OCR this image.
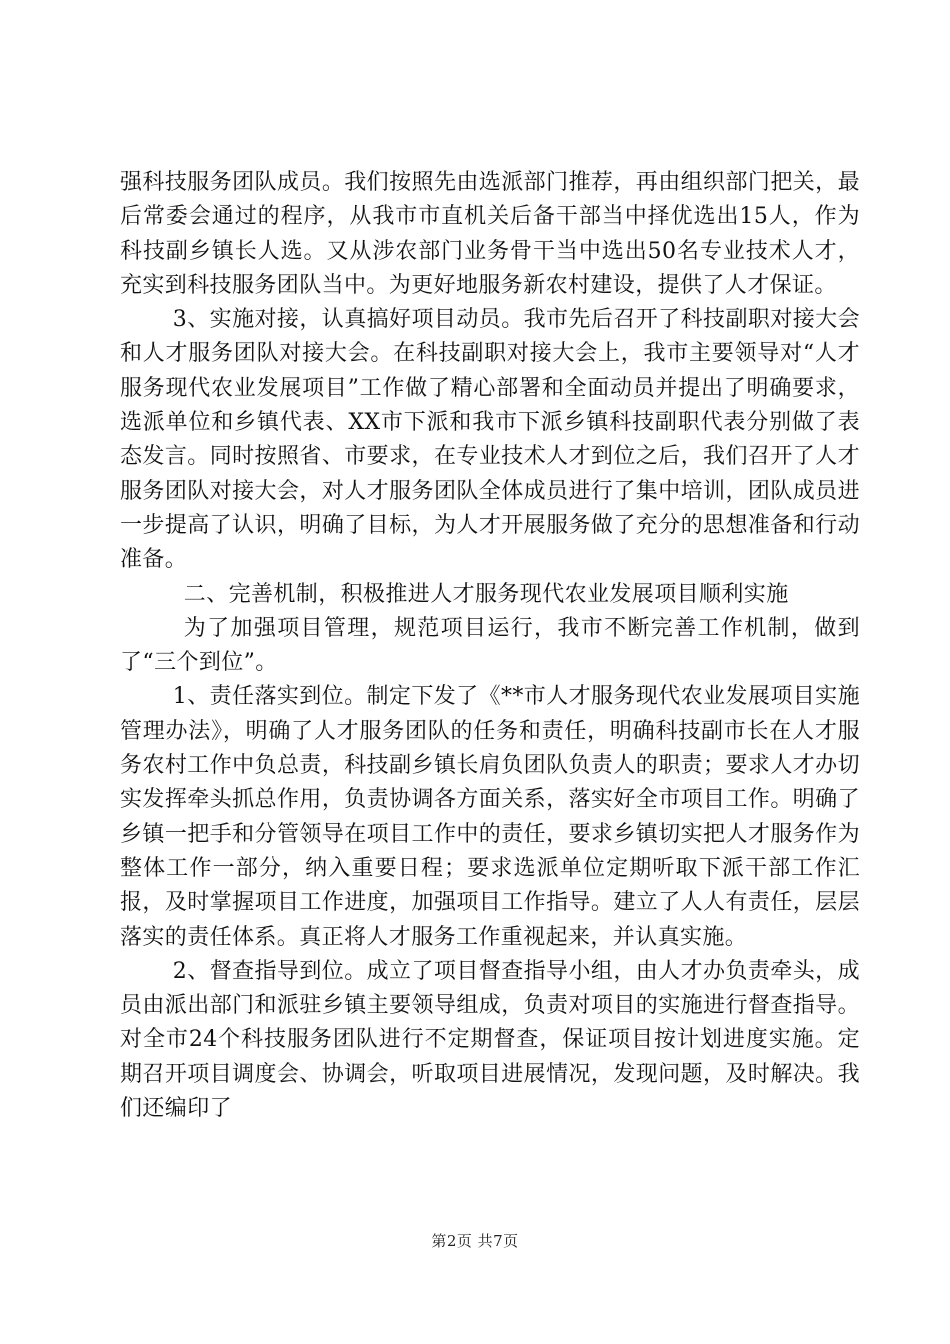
强科技服务团队成员。我们按照先由选派部门推荐，再由组织部门把关，最后常委会通过的程序，从我市市直机关后备干部当中择优选出15人，作为科技副乡镇长人选。又从涉农部门业务骨干当中选出50名专业技术人才，充实到科技服务团队当中。为更好地服务新农村建设，提供了人才保证。

3、实施对接，认真搞好项目动员。我市先后召开了科技副职对接大会和人才服务团队对接大会。在科技副职对接大会上，我市主要领导对“人才服务现代农业发展项目”工作做了精心部署和全面动员并提出了明确要求，选派单位和乡镇代表、XX市下派和我市下派乡镇科技副职代表分别做了表态发言。同时按照省、市要求，在专业技术人才到位之后，我们召开了人才服务团队对接大会，对人才服务团队全体成员进行了集中培训，团队成员进一步提高了认识，明确了目标，为人才开展服务做了充分的思想准备和行动准备。

二、完善机制，积极推进人才服务现代农业发展项目顺利实施

为了加强项目管理，规范项目运行，我市不断完善工作机制，做到了“三个到位”。

1、责任落实到位。制定下发了《**市人才服务现代农业发展项目实施管理办法》，明确了人才服务团队的任务和责任，明确科技副市长在人才服务农村工作中负总责，科技副乡镇长肩负团队负责人的职责；要求人才办切实发挥牵头抓总作用，负责协调各方面关系，落实好全市项目工作。明确了乡镇一把手和分管领导在项目工作中的责任，要求乡镇切实把人才服务作为整体工作一部分，纳入重要日程；要求选派单位定期听取下派干部工作汇报，及时掌握项目工作进度，加强项目工作指导。建立了人人有责任，层层落实的责任体系。真正将人才服务工作重视起来，并认真实施。

2、督查指导到位。成立了项目督查指导小组，由人才办负责牵头，成员由派出部门和派驻乡镇主要领导组成，负责对项目的实施进行督查指导。对全市24个科技服务团队进行不定期督查，保证项目按计划进度实施。定期召开项目调度会、协调会，听取项目进展情况，发现问题，及时解决。我们还编印了

第2页 共7页
